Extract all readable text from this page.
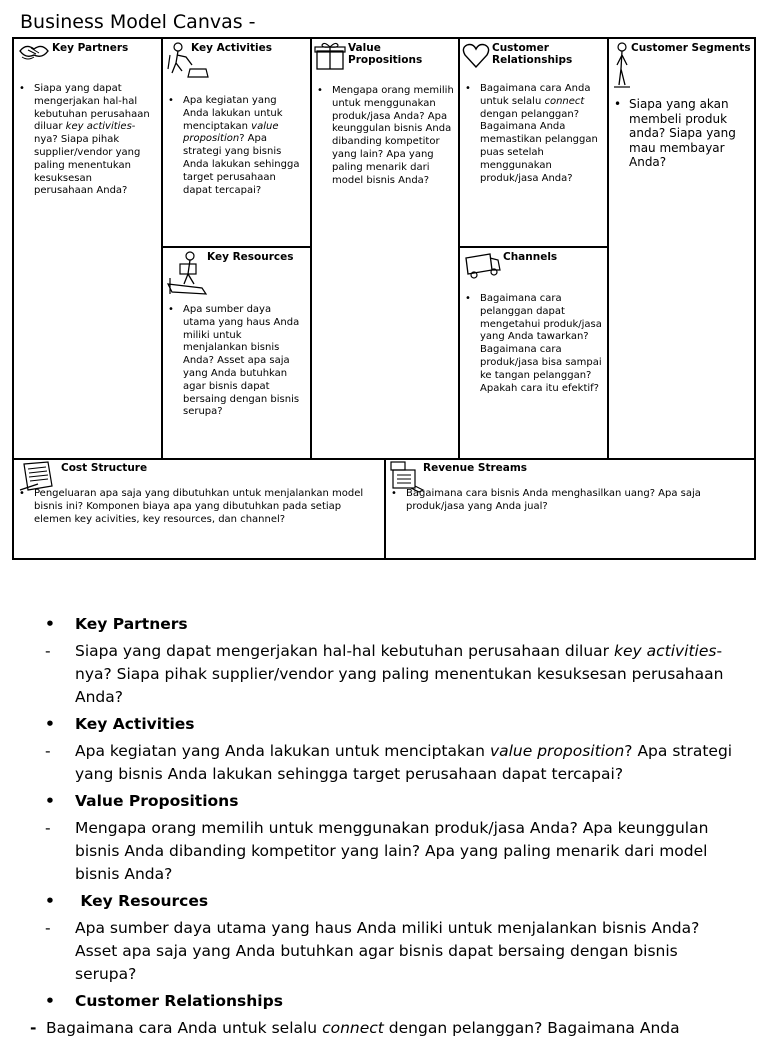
Business Model Canvas -
Key Partners
• Siapa yang dapat mengerjakan hal-hal kebutuhan perusahaan diluar key activities-nya? Siapa pihak supplier/vendor yang paling menentukan kesuksesan perusahaan Anda?
Key Activities
• Apa kegiatan yang Anda lakukan untuk menciptakan value proposition? Apa strategi yang bisnis Anda lakukan sehingga target perusahaan dapat tercapai?
Key Resources
• Apa sumber daya utama yang haus Anda miliki untuk menjalankan bisnis Anda? Asset apa saja yang Anda butuhkan agar bisnis dapat bersaing dengan bisnis serupa?
Value Propositions
• Mengapa orang memilih untuk menggunakan produk/jasa Anda? Apa keunggulan bisnis Anda dibanding kompetitor yang lain? Apa yang paling menarik dari model bisnis Anda?
Customer
Relationships
• Bagaimana cara Anda untuk selalu connect dengan pelanggan? Bagaimana Anda memastikan pelanggan puas setelah menggunakan produk/jasa Anda?
Channels
• Bagaimana cara pelanggan dapat mengetahui produk/jasa yang Anda tawarkan? Bagaimana cara produk/jasa bisa sampai ke tangan pelanggan? Apakah cara itu efektif?
Customer Segments
• Siapa yang akan membeli produk anda? Siapa yang mau membayar Anda?
Cost Structure
• Pengeluaran apa saja yang dibutuhkan untuk menjalankan model bisnis ini? Komponen biaya apa yang dibutuhkan pada setiap elemen key acivities, key resources, dan channel?
Revenue Streams
• Bagaimana cara bisnis Anda menghasilkan uang? Apa saja produk/jasa yang Anda jual?
•	Key Partners
-	Siapa yang dapat mengerjakan hal-hal kebutuhan perusahaan diluar key activities-nya? Siapa pihak supplier/vendor yang paling menentukan kesuksesan perusahaan Anda?
•	Key Activities
-	Apa kegiatan yang Anda lakukan untuk menciptakan value proposition? Apa strategi yang bisnis Anda lakukan sehingga target perusahaan dapat tercapai?
•	Value Propositions
-	Mengapa orang memilih untuk menggunakan produk/jasa Anda? Apa keunggulan bisnis Anda dibanding kompetitor yang lain? Apa yang paling menarik dari model bisnis Anda?
•	Key Resources
-	Apa sumber daya utama yang haus Anda miliki untuk menjalankan bisnis Anda? Asset apa saja yang Anda butuhkan agar bisnis dapat bersaing dengan bisnis serupa?
•	Customer Relationships
- Bagaimana cara Anda untuk selalu connect dengan pelanggan? Bagaimana Anda
